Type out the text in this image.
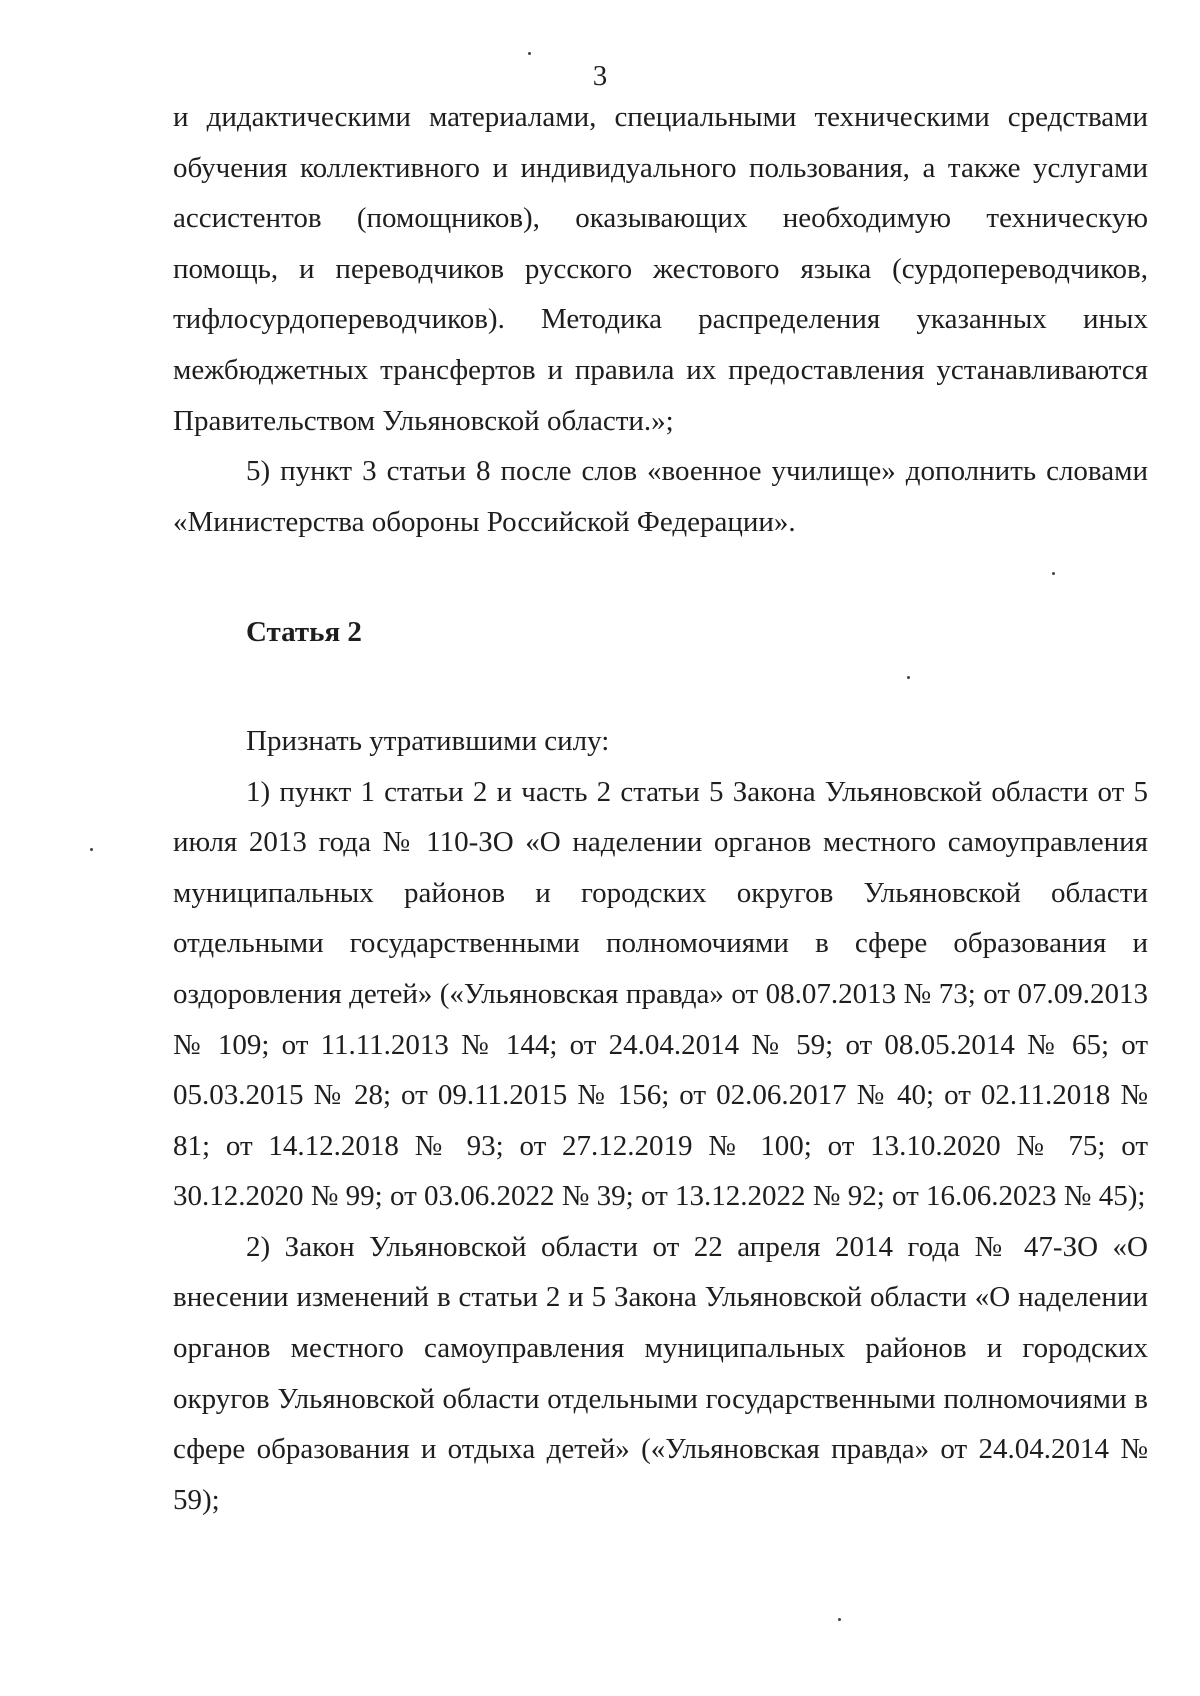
3

и дидактическими материалами, специальными техническими средствами обучения коллективного и индивидуального пользования, а также услугами ассистентов (помощников), оказывающих необходимую техническую помощь, и переводчиков русского жестового языка (сурдопереводчиков, тифлосурдопереводчиков). Методика распределения указанных иных межбюджетных трансфертов и правила их предоставления устанавливаются Правительством Ульяновской области.»;

5) пункт 3 статьи 8 после слов «военное училище» дополнить словами «Министерства обороны Российской Федерации».

Статья 2

Признать утратившими силу:

1) пункт 1 статьи 2 и часть 2 статьи 5 Закона Ульяновской области от 5 июля 2013 года № 110-ЗО «О наделении органов местного самоуправления муниципальных районов и городских округов Ульяновской области отдельными государственными полномочиями в сфере образования и оздоровления детей» («Ульяновская правда» от 08.07.2013 № 73; от 07.09.2013 № 109; от 11.11.2013 № 144; от 24.04.2014 № 59; от 08.05.2014 № 65; от 05.03.2015 № 28; от 09.11.2015 № 156; от 02.06.2017 № 40; от 02.11.2018 № 81; от 14.12.2018 № 93; от 27.12.2019 № 100; от 13.10.2020 № 75; от 30.12.2020 № 99; от 03.06.2022 № 39; от 13.12.2022 № 92; от 16.06.2023 № 45);

2) Закон Ульяновской области от 22 апреля 2014 года № 47-ЗО «О внесении изменений в статьи 2 и 5 Закона Ульяновской области «О наделении органов местного самоуправления муниципальных районов и городских округов Ульяновской области отдельными государственными полномочиями в сфере образования и отдыха детей» («Ульяновская правда» от 24.04.2014 № 59);
